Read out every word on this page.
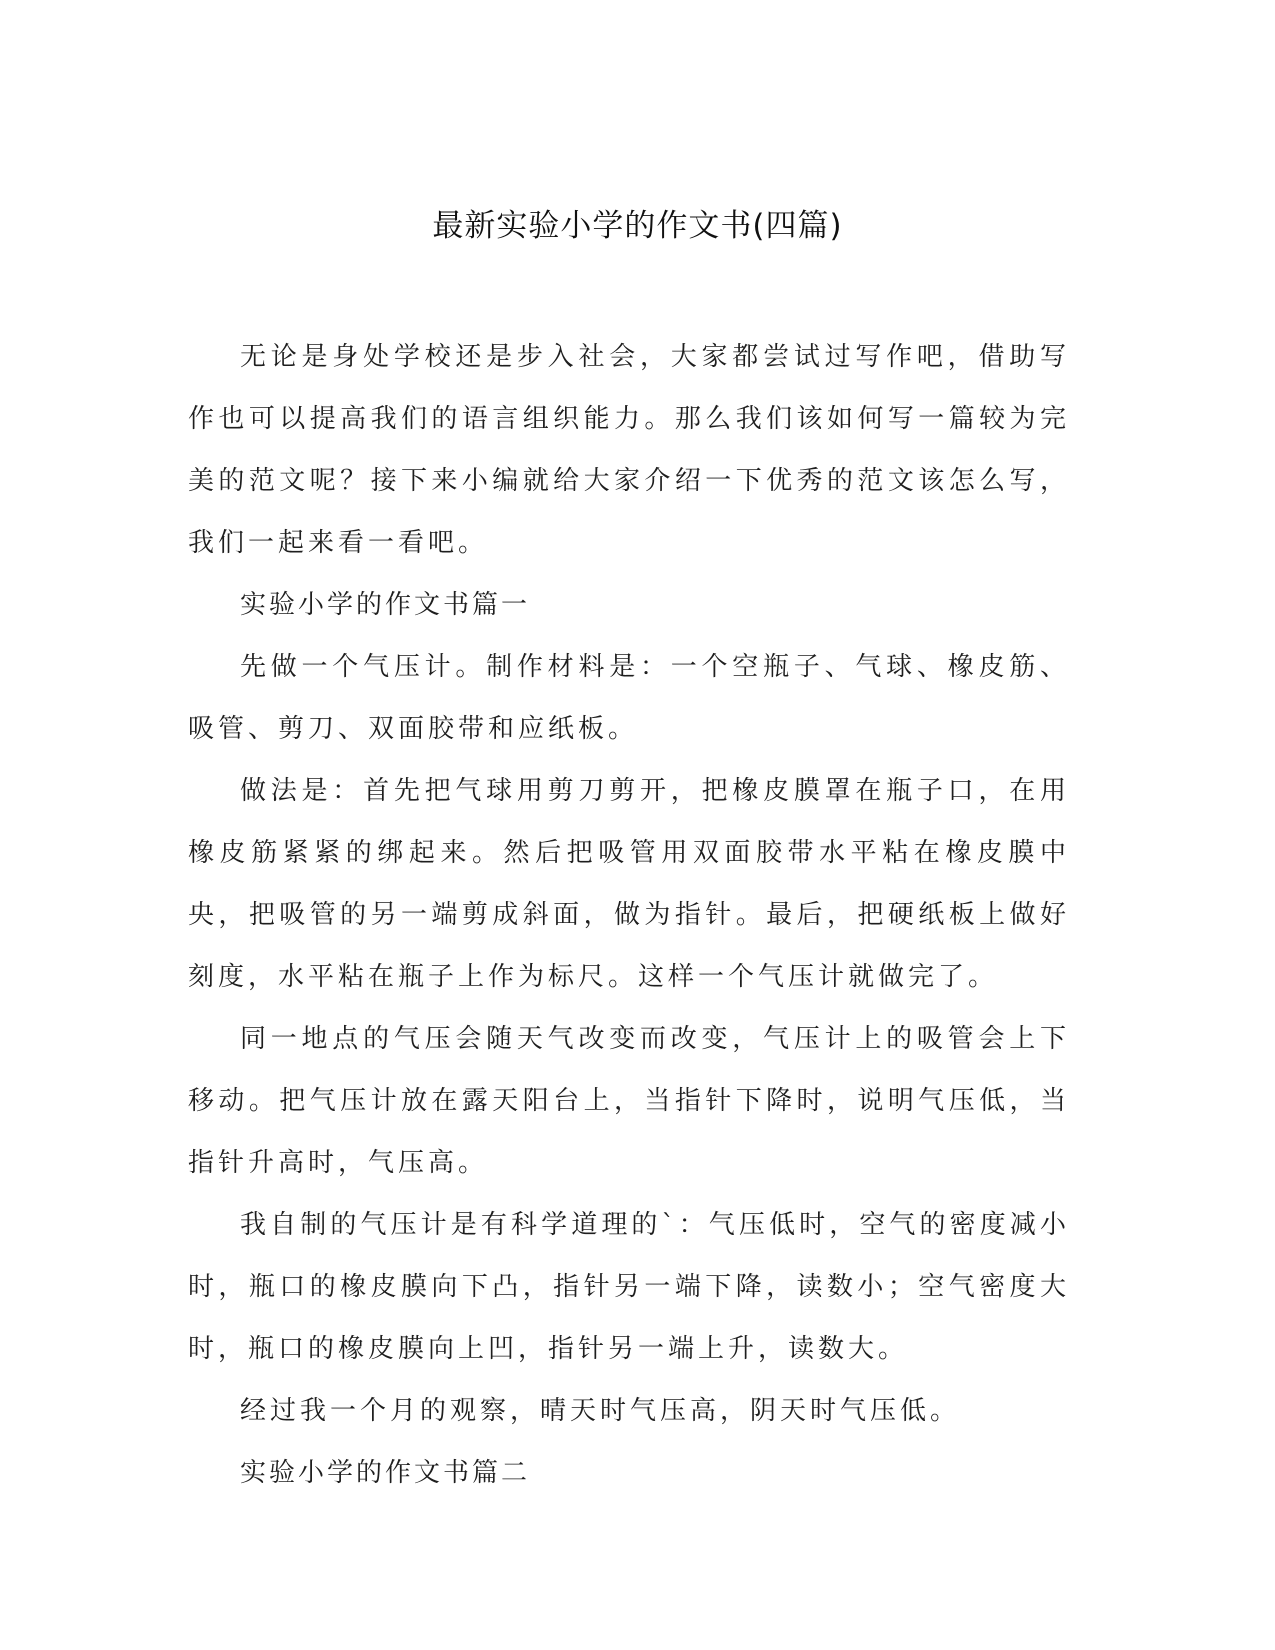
最新实验小学的作文书(四篇)

无论是身处学校还是步入社会，大家都尝试过写作吧，借助写作也可以提高我们的语言组织能力。那么我们该如何写一篇较为完美的范文呢？接下来小编就给大家介绍一下优秀的范文该怎么写，我们一起来看一看吧。

实验小学的作文书篇一

先做一个气压计。制作材料是：一个空瓶子、气球、橡皮筋、吸管、剪刀、双面胶带和应纸板。

做法是：首先把气球用剪刀剪开，把橡皮膜罩在瓶子口，在用橡皮筋紧紧的绑起来。然后把吸管用双面胶带水平粘在橡皮膜中央，把吸管的另一端剪成斜面，做为指针。最后，把硬纸板上做好刻度，水平粘在瓶子上作为标尺。这样一个气压计就做完了。

同一地点的气压会随天气改变而改变，气压计上的吸管会上下移动。把气压计放在露天阳台上，当指针下降时，说明气压低，当指针升高时，气压高。

我自制的气压计是有科学道理的`：气压低时，空气的密度减小时，瓶口的橡皮膜向下凸，指针另一端下降，读数小；空气密度大时，瓶口的橡皮膜向上凹，指针另一端上升，读数大。

经过我一个月的观察，晴天时气压高，阴天时气压低。

实验小学的作文书篇二
